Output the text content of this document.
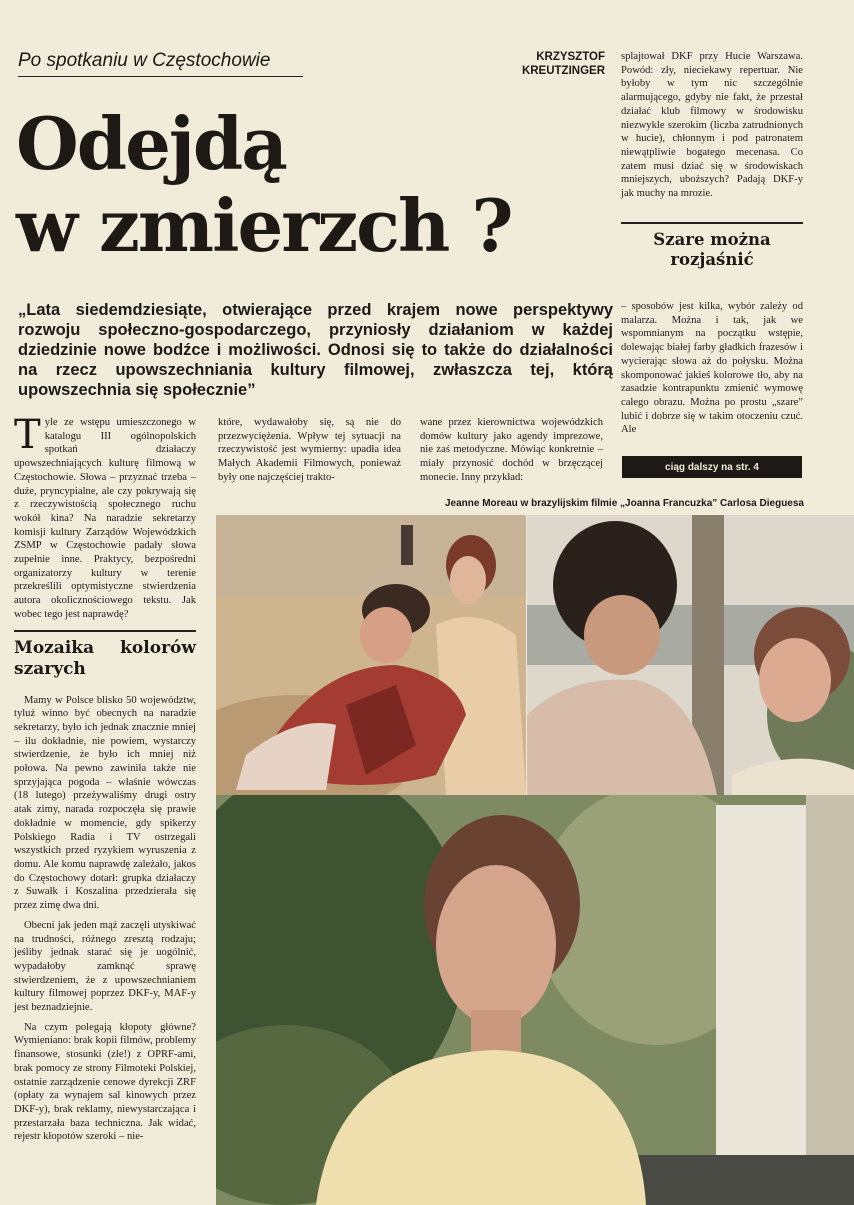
Po spotkaniu w Częstochowie	KRZYSZTOF
KREUTZINGER
Odejdą
w zmierzch ?
„Lata siedemdziesiąte, otwierające przed krajem nowe perspektywy rozwoju społeczno-gospodarczego, przyniosły działaniom w każdej dziedzinie nowe bodźce i możliwości. Odnosi się to także do działalności na rzecz upowszechniania kultury filmowej, zwłaszcza tej, którą upowszechnia się społecznie”

Tyle ze wstępu umieszczonego w katalogu III ogólnopolskich spotkań działaczy upowszechniających kulturę filmową w Częstochowie. Słowa – przyznać trzeba – duże, pryncypialne, ale czy pokrywają się z rzeczywistością społecznego ruchu wokół kina? Na naradzie sekretarzy komisji kultury Zarządów Wojewódzkich ZSMP w Częstochowie padały słowa zupełnie inne. Praktycy, bezpośredni organizatorzy kultury w terenie przekreślili optymistyczne stwierdzenia autora okolicznościowego tekstu. Jak wobec tego jest naprawdę?

Mozaika kolorów szarych

Mamy w Polsce blisko 50 województw, tyluż winno być obecnych na naradzie sekretarzy, było ich jednak znacznie mniej – ilu dokładnie, nie powiem, wystarczy stwierdzenie, że było ich mniej niż połowa. Na pewno zawiniła także nie sprzyjająca pogoda – właśnie wówczas (18 lutego) przeżywaliśmy drugi ostry atak zimy, narada rozpoczęła się prawie dokładnie w momencie, gdy spikerzy Polskiego Radia i TV ostrzegali wszystkich przed ryzykiem wyruszenia z domu. Ale komu naprawdę zależało, jakos do Częstochowy dotarł: grupka działaczy z Suwałk i Koszalina przedzierała się przez zimę dwa dni.

Obecni jak jeden mąż zaczęli utyskiwać na trudności, różnego zresztą rodzaju; jeśliby jednak starać się je uogólnić, wypadałoby zamknąć sprawę stwierdzeniem, że z upowszechnianiem kultury filmowej poprzez DKF-y, MAF-y jest beznadziejnie.

Na czym polegają kłopoty główne? Wymieniano: brak kopii filmów, problemy finansowe, stosunki (złe!) z OPRF-ami, brak pomocy ze strony Filmoteki Polskiej, ostatnie zarządzenie cenowe dyrekcji ZRF (opłaty za wynajem sal kinowych przez DKF-y), brak reklamy, niewystarczająca i przestarzała baza techniczna. Jak widać, rejestr kłopotów szeroki – nie-

które, wydawałoby się, są nie do przezwyciężenia. Wpływ tej sytuacji na rzeczywistość jest wymierny: upadła idea Małych Akademii Filmowych, ponieważ były one najczęściej trakto-

wane przez kierownictwa wojewódzkich domów kultury jako agendy imprezowe, nie zaś metodyczne. Mówiąc konkretnie – miały przynosić dochód w brzęczącej monecie. Inny przykład:

splajtował DKF przy Hucie Warszawa. Powód: zły, nieciekawy repertuar. Nie byłoby w tym nic szczególnie alarmującego, gdyby nie fakt, że przestał działać klub filmowy w środowisku niezwykle szerokim (liczba zatrudnionych w hucie), chłonnym i pod patronatem niewątpliwie bogatego mecenasa. Co zatem musi dziać się w środowiskach mniejszych, uboższych? Padają DKF-y jak muchy na mrozie.

Szare można rozjaśnić

– sposobów jest kilka, wybór zależy od malarza. Można i tak, jak we wspomnianym na początku wstępie, dolewając białej farby gładkich frazesów i wycierając słowa aż do połysku. Można skomponować jakieś kolorowe tło, aby na zasadzie kontrapunktu zmienić wymowę całego obrazu. Można po prostu „szare” lubić i dobrze się w takim otoczeniu czuć. Ale

ciąg dalszy na str. 4
Jeanne Moreau w brazylijskim filmie „Joanna Francuzka” Carlosa Dieguesa
